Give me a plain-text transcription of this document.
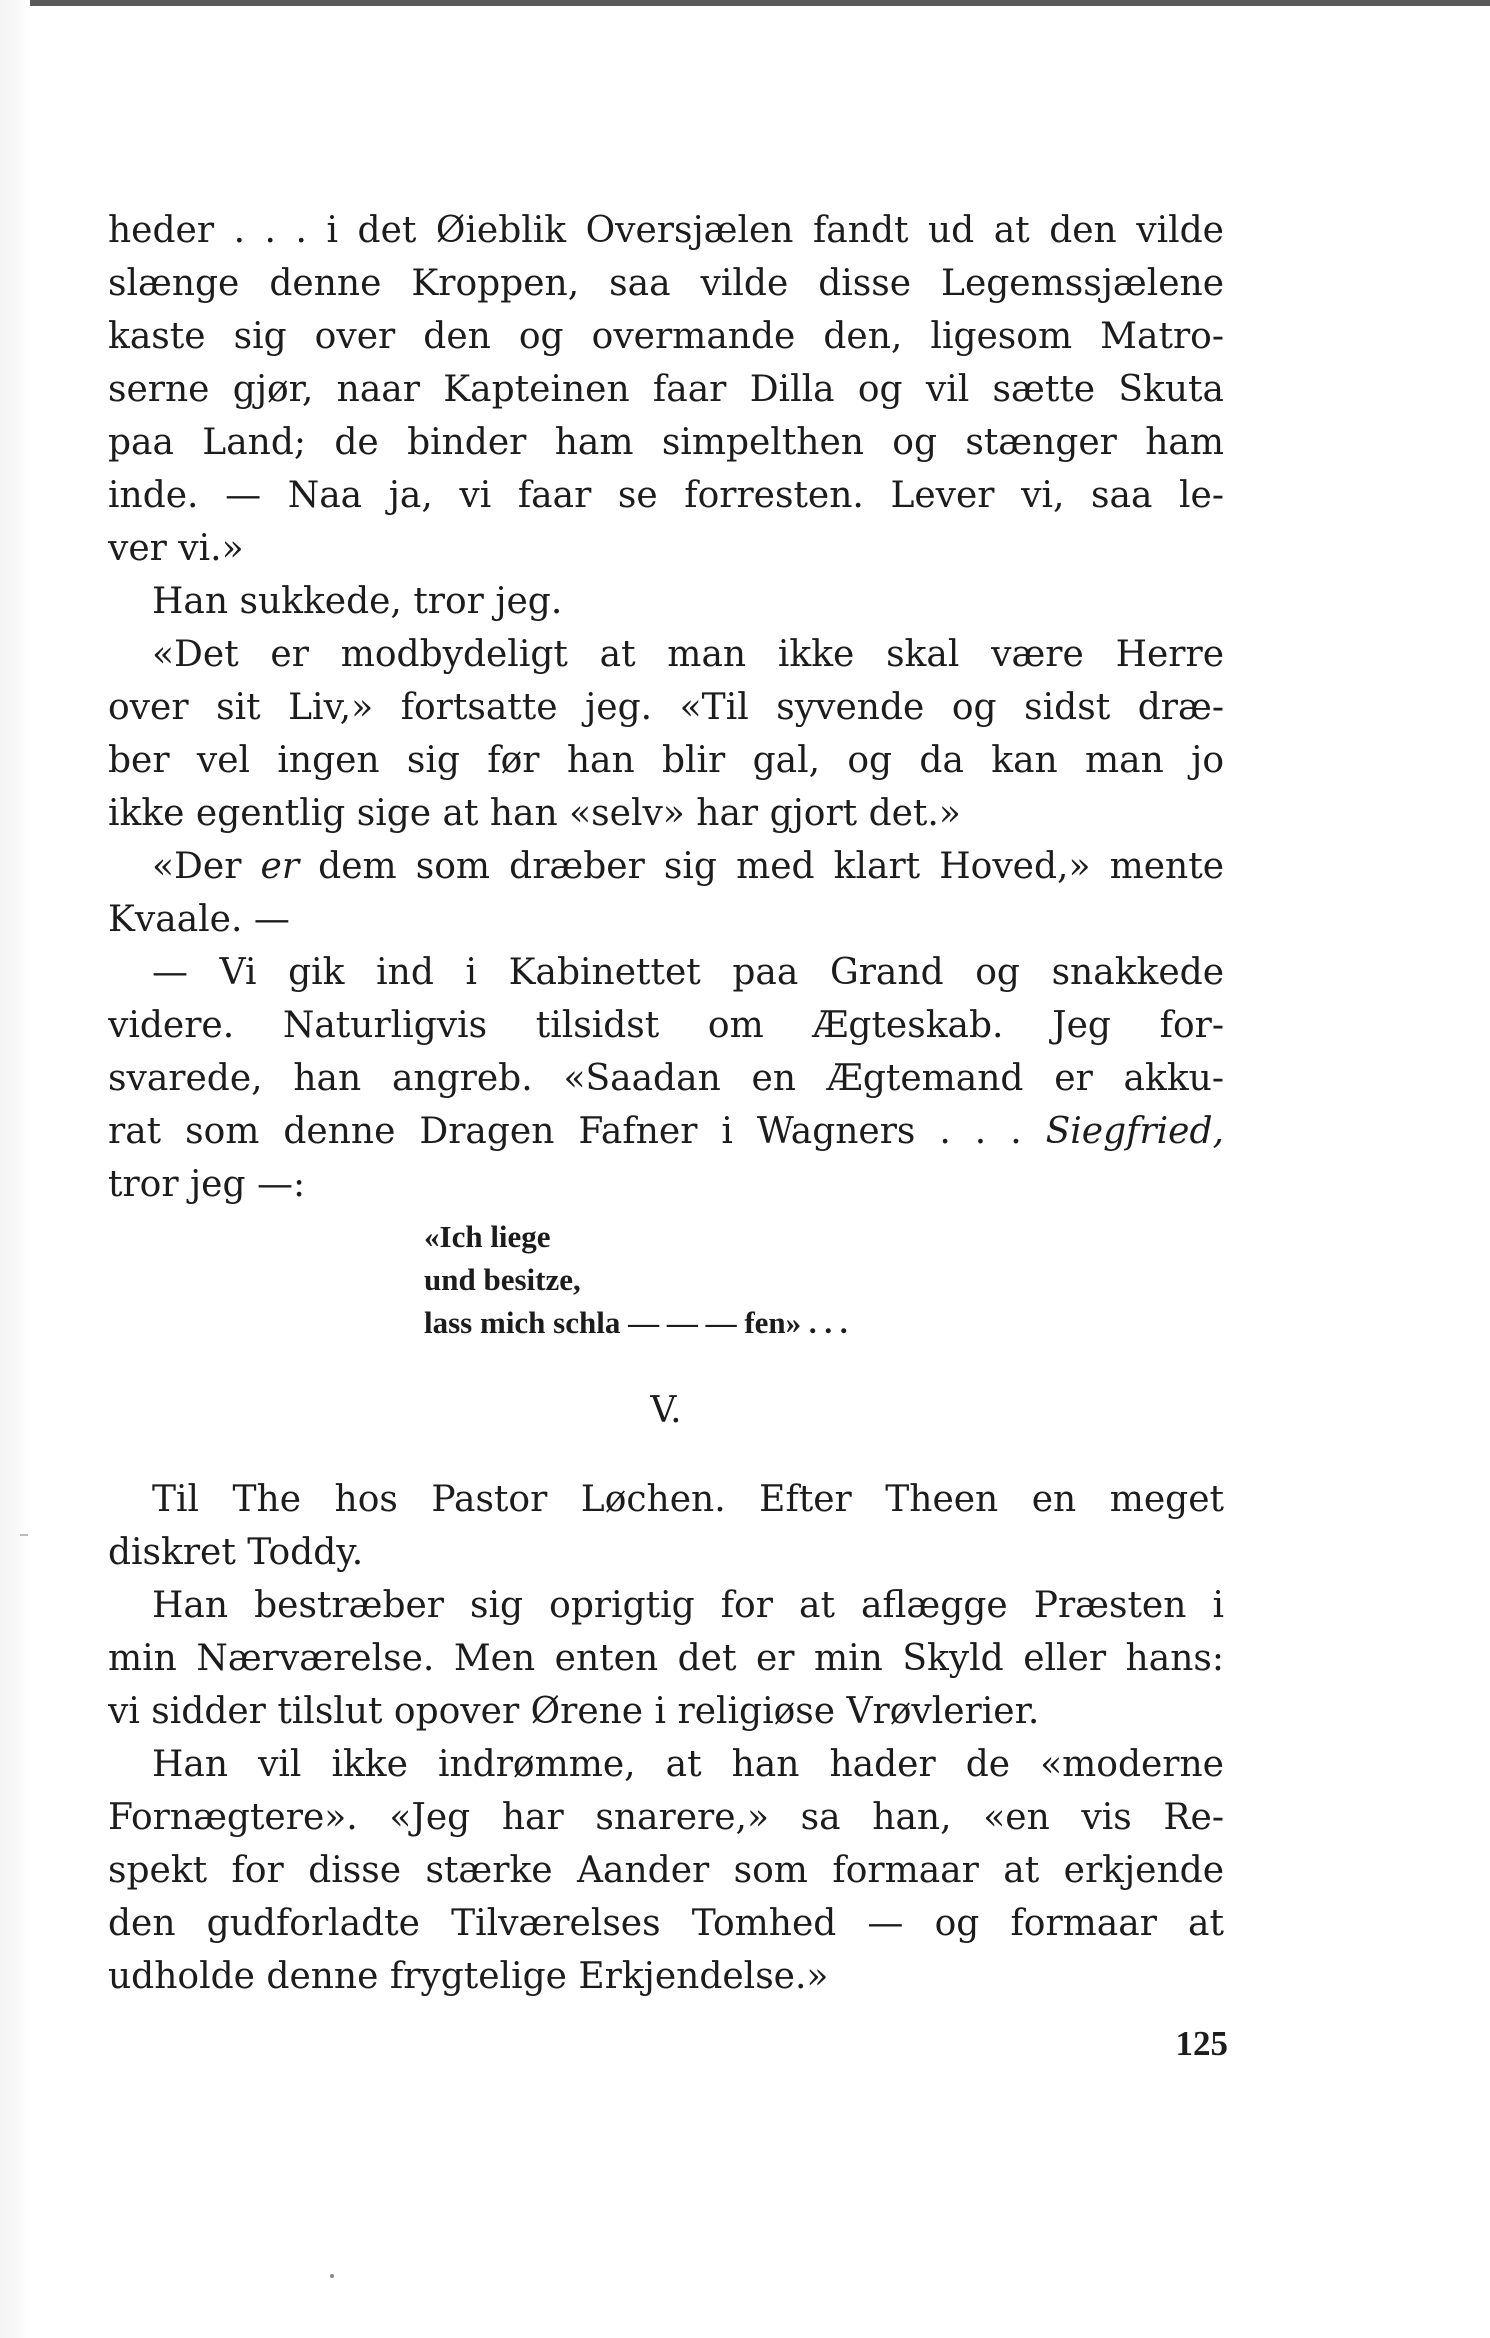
heder . . . i det Øieblik Oversjælen fandt ud at den vilde
slænge denne Kroppen, saa vilde disse Legemssjælene
kaste sig over den og overmande den, ligesom Matro-
serne gjør, naar Kapteinen faar Dilla og vil sætte Skuta
paa Land; de binder ham simpelthen og stænger ham
inde. — Naa ja, vi faar se forresten. Lever vi, saa le-
ver vi.»
Han sukkede, tror jeg.
«Det er modbydeligt at man ikke skal være Herre
over sit Liv,» fortsatte jeg. «Til syvende og sidst dræ-
ber vel ingen sig før han blir gal, og da kan man jo
ikke egentlig sige at han «selv» har gjort det.»
«Der er dem som dræber sig med klart Hoved,» mente
Kvaale. —
— Vi gik ind i Kabinettet paa Grand og snakkede
videre. Naturligvis tilsidst om Ægteskab. Jeg for-
svarede, han angreb. «Saadan en Ægtemand er akku-
rat som denne Dragen Fafner i Wagners . . . Siegfried,
tror jeg —:
«Ich liege
und besitze,
lass mich schla — — — fen» . . .
V.
Til The hos Pastor Løchen. Efter Theen en meget
diskret Toddy.
Han bestræber sig oprigtig for at aflægge Præsten i
min Nærværelse. Men enten det er min Skyld eller hans:
vi sidder tilslut opover Ørene i religiøse Vrøvlerier.
Han vil ikke indrømme, at han hader de «moderne
Fornægtere». «Jeg har snarere,» sa han, «en vis Re-
spekt for disse stærke Aander som formaar at erkjende
den gudforladte Tilværelses Tomhed — og formaar at
udholde denne frygtelige Erkjendelse.»
125
